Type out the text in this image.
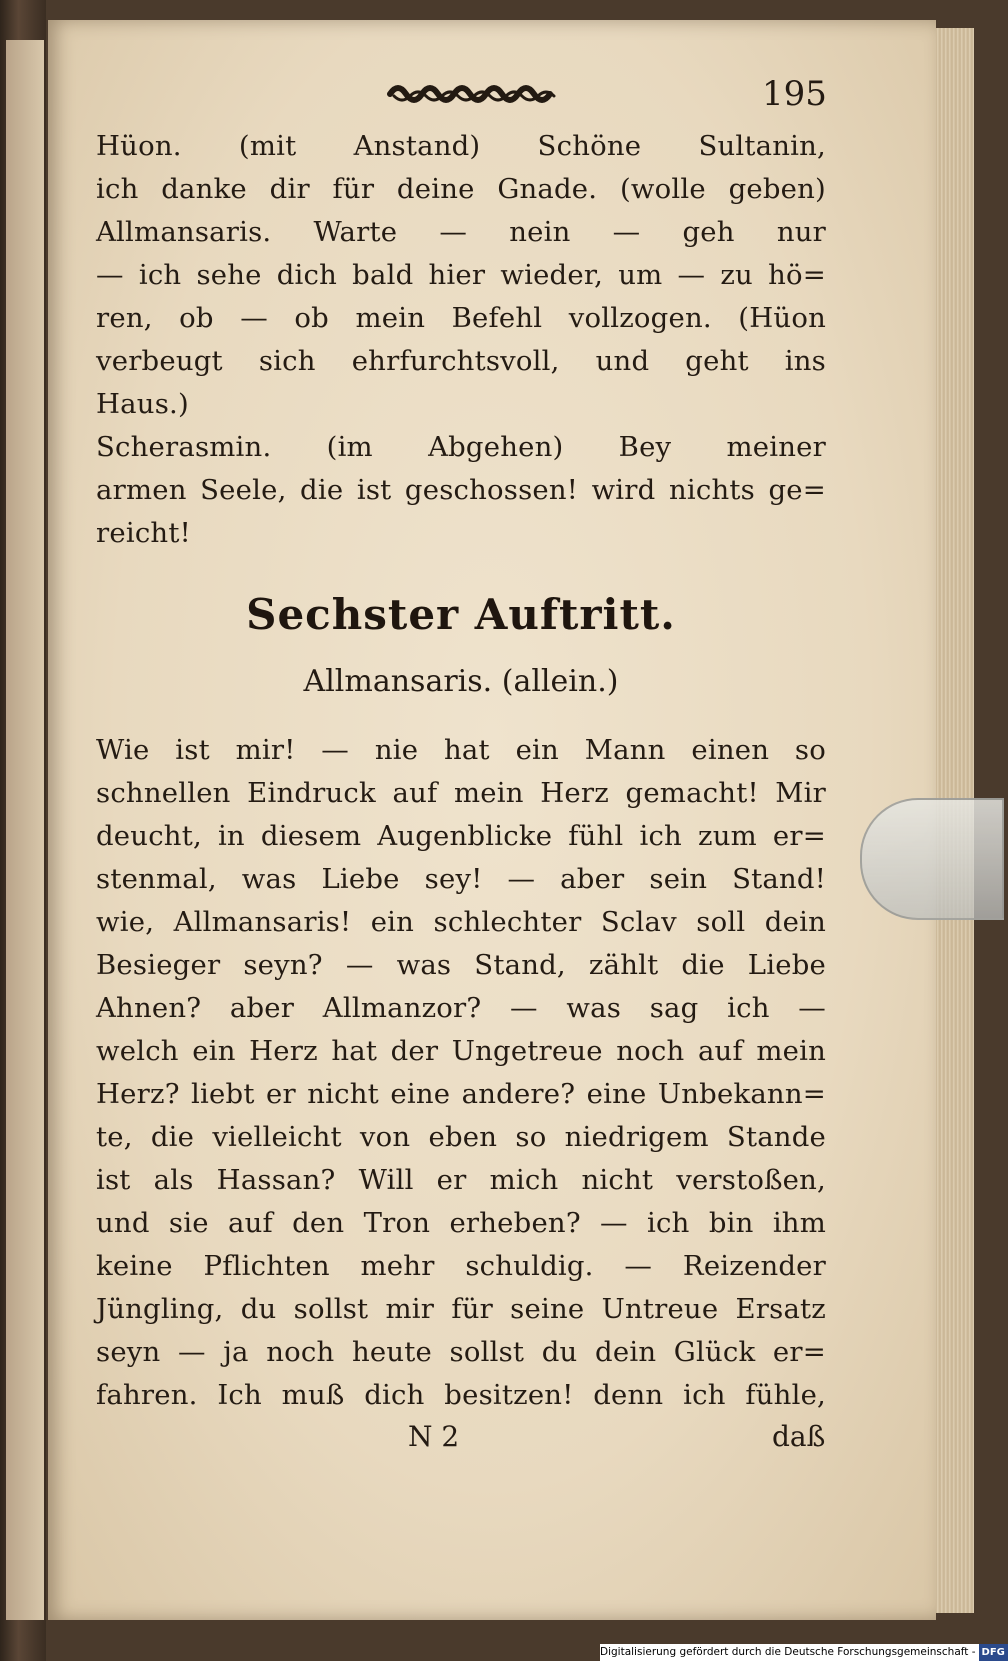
195
Hüon. (mit Anstand) Schöne Sultanin,
ich danke dir für deine Gnade. (wolle geben)
Allmansaris. Warte — nein — geh nur
— ich sehe dich bald hier wieder, um — zu hö=
ren, ob — ob mein Befehl vollzogen. (Hüon
verbeugt sich ehrfurchtsvoll, und geht ins
Haus.)
Scherasmin. (im Abgehen) Bey meiner
armen Seele, die ist geschossen! wird nichts ge=
reicht!
Sechster Auftritt.
Allmansaris. (allein.)
Wie ist mir! — nie hat ein Mann einen so
schnellen Eindruck auf mein Herz gemacht! Mir
deucht, in diesem Augenblicke fühl ich zum er=
stenmal, was Liebe sey! — aber sein Stand!
wie, Allmansaris! ein schlechter Sclav soll dein
Besieger seyn? — was Stand, zählt die Liebe
Ahnen? aber Allmanzor? — was sag ich —
welch ein Herz hat der Ungetreue noch auf mein
Herz? liebt er nicht eine andere? eine Unbekann=
te, die vielleicht von eben so niedrigem Stande
ist als Hassan? Will er mich nicht verstoßen,
und sie auf den Tron erheben? — ich bin ihm
keine Pflichten mehr schuldig. — Reizender
Jüngling, du sollst mir für seine Untreue Ersatz
seyn — ja noch heute sollst du dein Glück er=
fahren. Ich muß dich besitzen! denn ich fühle,
N 2	daß
Digitalisierung gefördert durch die Deutsche Forschungsgemeinschaft - DFG
